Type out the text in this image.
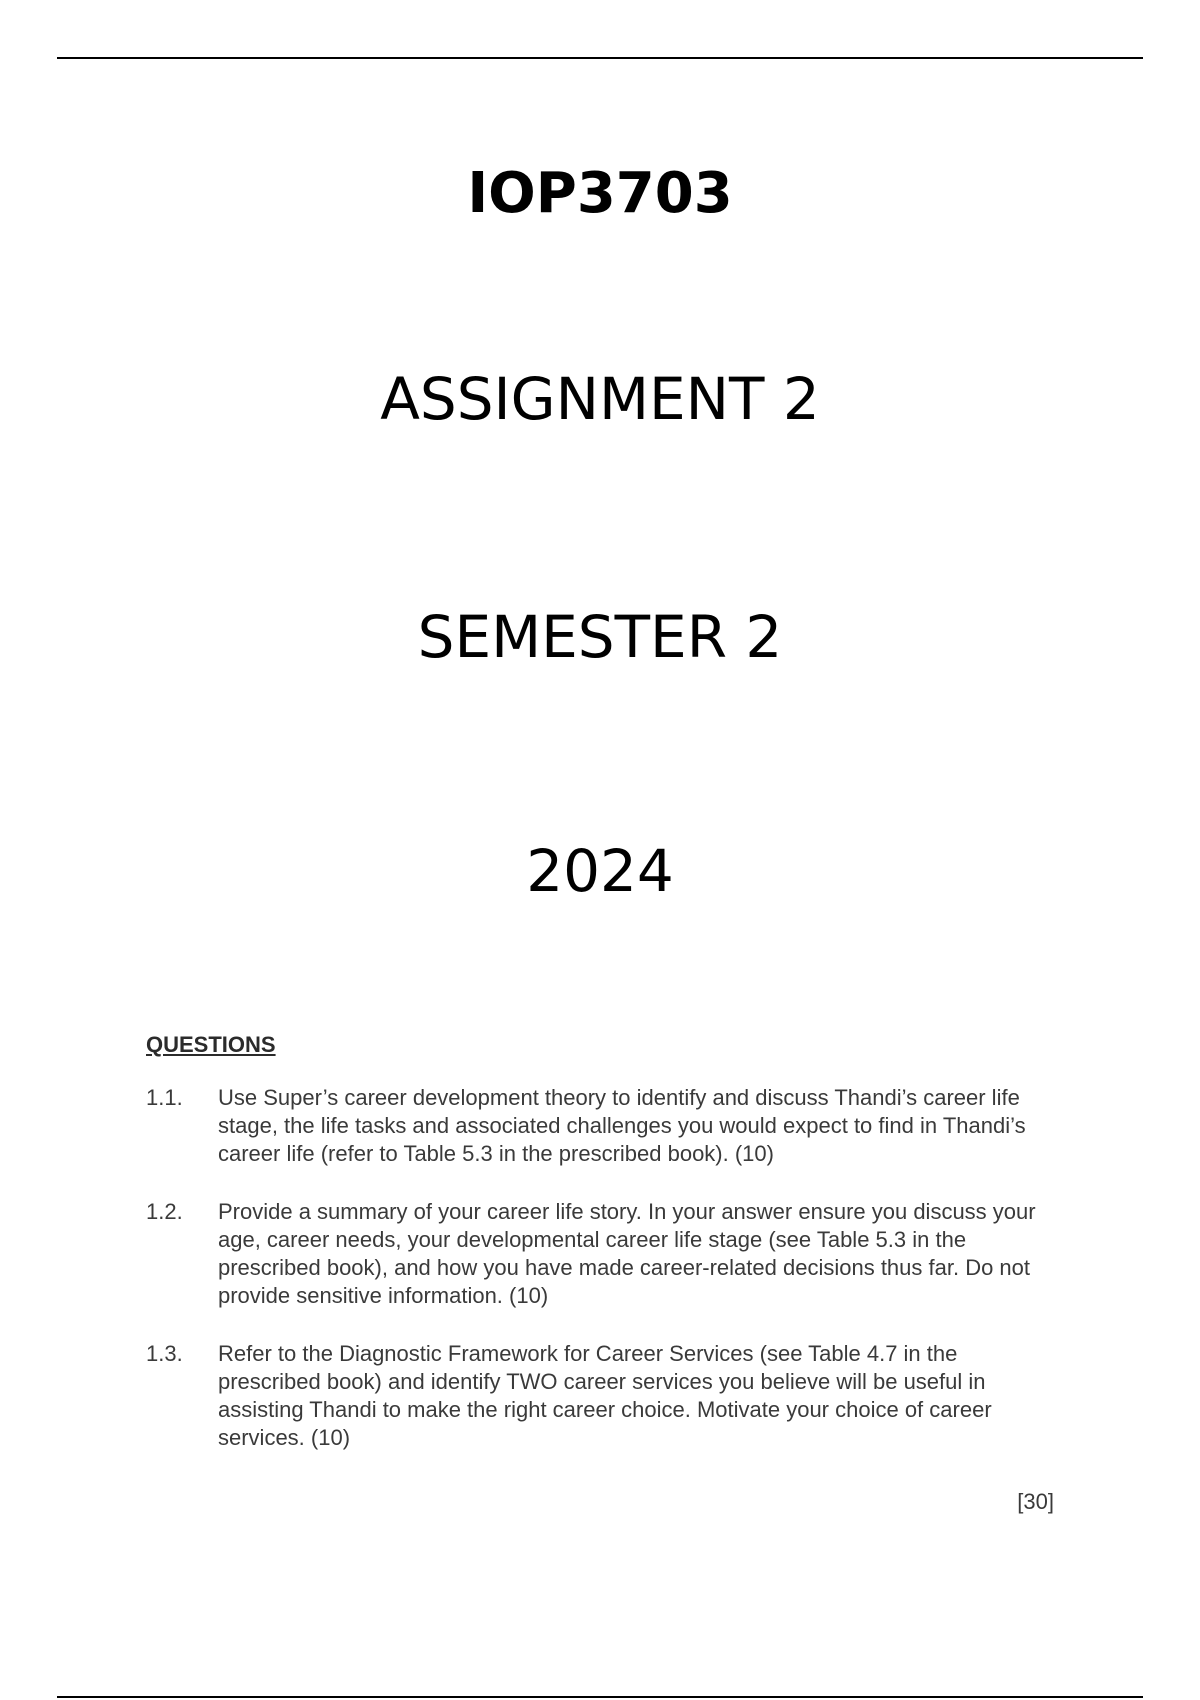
IOP3703
ASSIGNMENT 2
SEMESTER 2
2024
QUESTIONS
1.1.	Use Super’s career development theory to identify and discuss Thandi’s career life stage, the life tasks and associated challenges you would expect to find in Thandi’s career life (refer to Table 5.3 in the prescribed book). (10)
1.2.	Provide a summary of your career life story. In your answer ensure you discuss your age, career needs, your developmental career life stage (see Table 5.3 in the prescribed book), and how you have made career-related decisions thus far. Do not provide sensitive information. (10)
1.3.	Refer to the Diagnostic Framework for Career Services (see Table 4.7 in the prescribed book) and identify TWO career services you believe will be useful in assisting Thandi to make the right career choice. Motivate your choice of career services. (10)
[30]
